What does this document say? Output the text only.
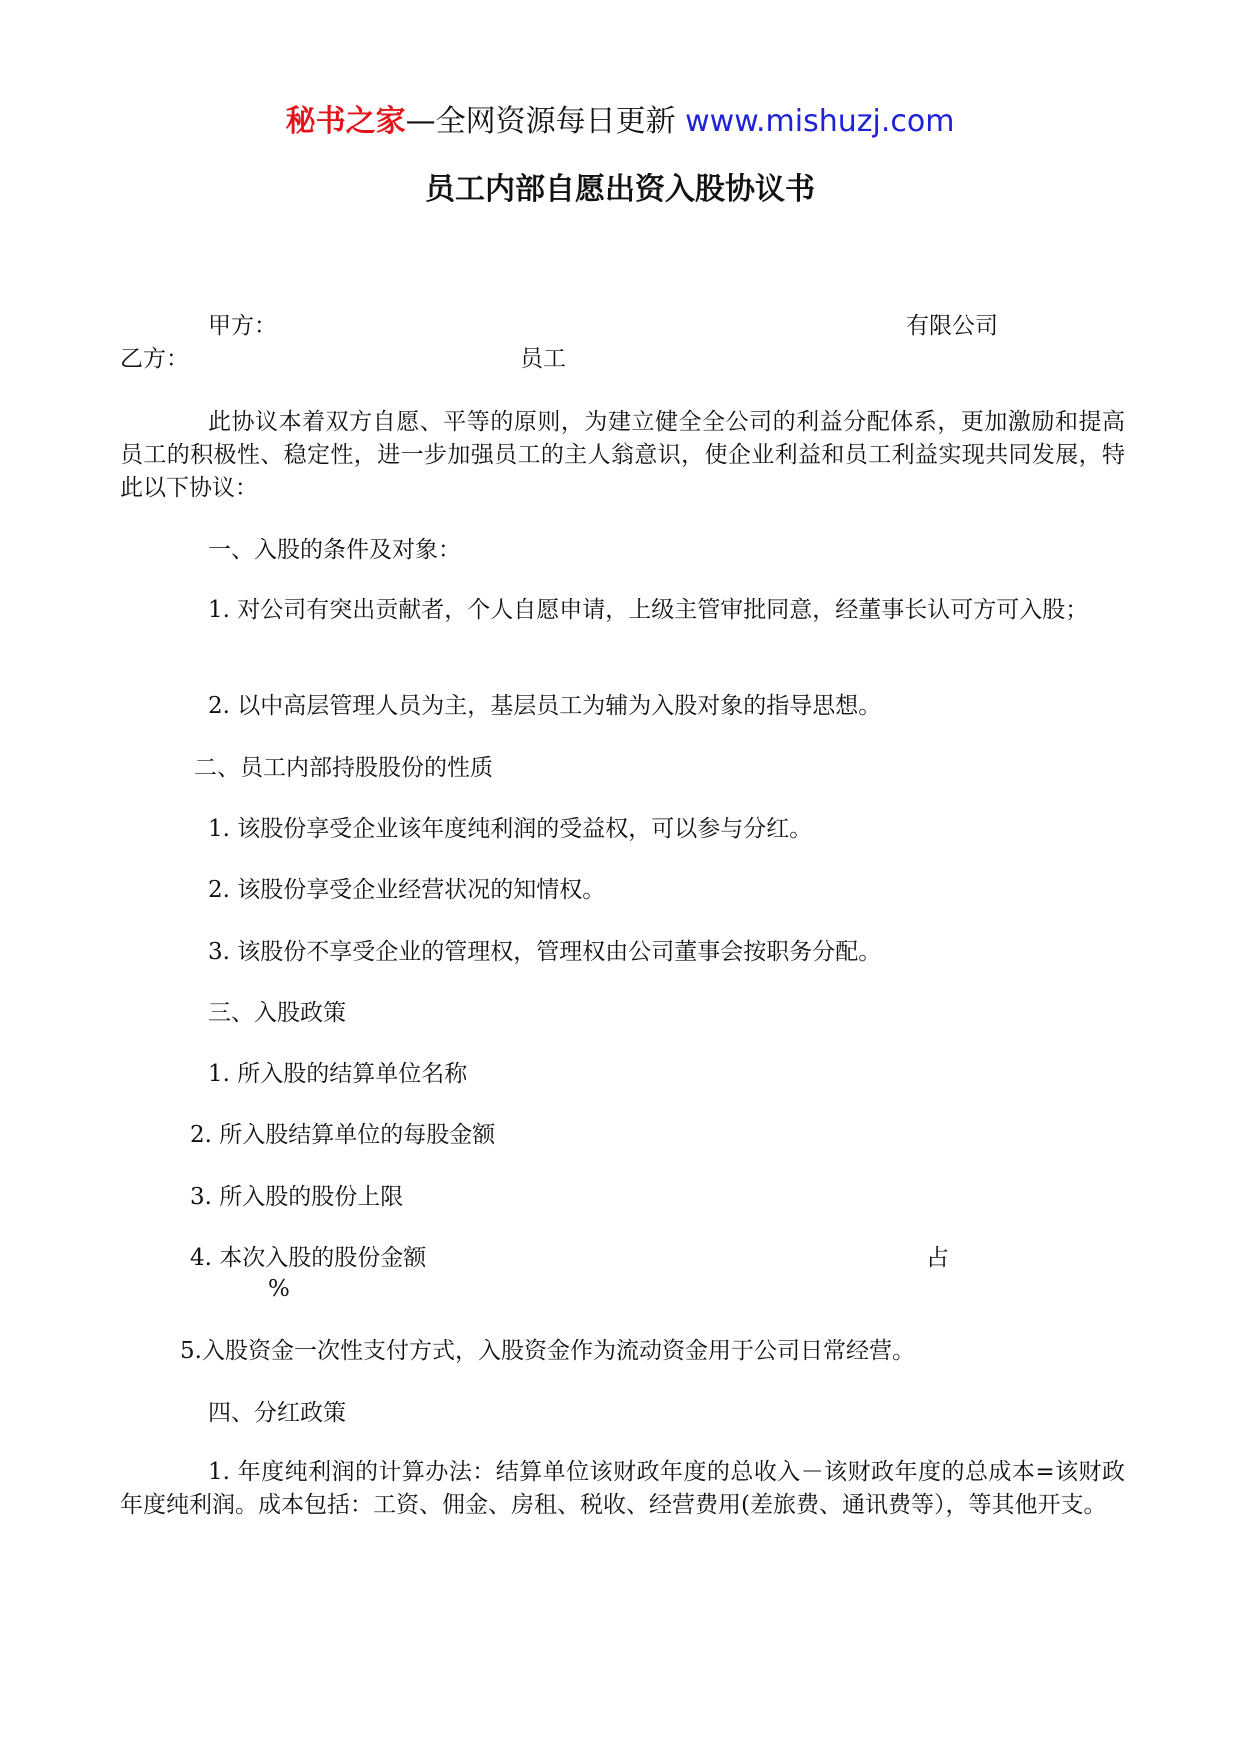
秘书之家—全网资源每日更新 www.mishuzj.com
员工内部自愿出资入股协议书
甲方：	有限公司
乙方：	员工
此协议本着双方自愿、平等的原则，为建立健全全公司的利益分配体系，更加激励和提高员工的积极性、稳定性，进一步加强员工的主人翁意识，使企业利益和员工利益实现共同发展，特此以下协议：
一、入股的条件及对象：
1. 对公司有突出贡献者，个人自愿申请，上级主管审批同意，经董事长认可方可入股；
2. 以中高层管理人员为主，基层员工为辅为入股对象的指导思想。
二、员工内部持股股份的性质
1. 该股份享受企业该年度纯利润的受益权，可以参与分红。
2. 该股份享受企业经营状况的知情权。
3. 该股份不享受企业的管理权，管理权由公司董事会按职务分配。
三、入股政策
1. 所入股的结算单位名称
2. 所入股结算单位的每股金额
3. 所入股的股份上限
4. 本次入股的股份金额	占
%
5.入股资金一次性支付方式，入股资金作为流动资金用于公司日常经营。
四、分红政策
1. 年度纯利润的计算办法：结算单位该财政年度的总收入－该财政年度的总成本=该财政年度纯利润。成本包括：工资、佣金、房租、税收、经营费用(差旅费、通讯费等），等其他开支。
